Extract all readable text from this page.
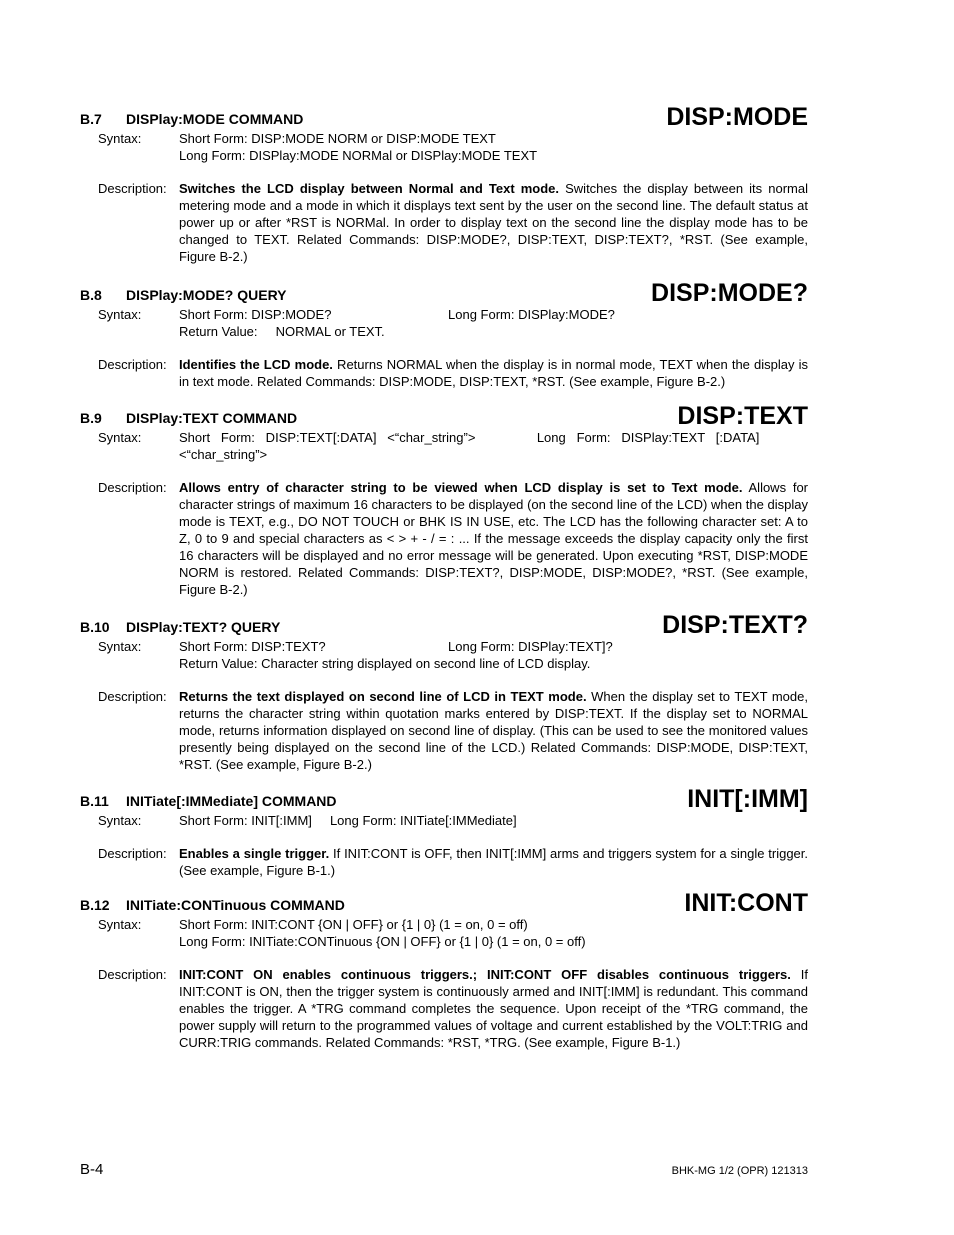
B.7 DISPlay:MODE COMMAND	DISP:MODE
Syntax:	Short Form: DISP:MODE NORM or DISP:MODE TEXT
Long Form: DISPlay:MODE NORMal or DISPlay:MODE TEXT
Description: Switches the LCD display between Normal and Text mode. Switches the display between its normal metering mode and a mode in which it displays text sent by the user on the second line. The default status at power up or after *RST is NORMal. In order to display text on the second line the display mode has to be changed to TEXT. Related Commands: DISP:MODE?, DISP:TEXT, DISP:TEXT?, *RST. (See example, Figure B-2.)
B.8 DISPlay:MODE? QUERY	DISP:MODE?
Syntax:	Short Form: DISP:MODE?	Long Form: DISPlay:MODE?
Return Value:     NORMAL or TEXT.
Description: Identifies the LCD mode. Returns NORMAL when the display is in normal mode, TEXT when the display is in text mode. Related Commands: DISP:MODE, DISP:TEXT, *RST. (See example, Figure B-2.)
B.9 DISPlay:TEXT COMMAND	DISP:TEXT
Syntax:	Short   Form:   DISP:TEXT[:DATA]   <“char_string”>                 Long   Form:   DISPlay:TEXT   [:DATA]
<“char_string”>
Description: Allows entry of character string to be viewed when LCD display is set to Text mode. Allows for character strings of maximum 16 characters to be displayed (on the second line of the LCD) when the display mode is TEXT, e.g., DO NOT TOUCH or BHK IS IN USE, etc. The LCD has the following character set: A to Z, 0 to 9 and special characters as < > + - / = : ... If the message exceeds the display capacity only the first 16 characters will be displayed and no error message will be generated. Upon executing *RST, DISP:MODE NORM is restored. Related Commands: DISP:TEXT?, DISP:MODE, DISP:MODE?, *RST. (See example, Figure B-2.)
B.10 DISPlay:TEXT? QUERY	DISP:TEXT?
Syntax:	Short Form: DISP:TEXT?	Long Form: DISPlay:TEXT]?
Return Value: Character string displayed on second line of LCD display.
Description: Returns the text displayed on second line of LCD in TEXT mode. When the display set to TEXT mode, returns the character string within quotation marks entered by DISP:TEXT. If the display set to NORMAL mode, returns information displayed on second line of display. (This can be used to see the monitored values presently being displayed on the second line of the LCD.) Related Commands: DISP:MODE, DISP:TEXT, *RST. (See example, Figure B-2.)
B.11 INITiate[:IMMediate] COMMAND	INIT[:IMM]
Syntax:	Short Form: INIT[:IMM]     Long Form: INITiate[:IMMediate]
Description: Enables a single trigger. If INIT:CONT is OFF, then INIT[:IMM] arms and triggers system for a single trigger. (See example, Figure B-1.)
B.12 INITiate:CONTinuous COMMAND	INIT:CONT
Syntax:	Short Form: INIT:CONT {ON | OFF} or {1 | 0} (1 = on, 0 = off)
Long Form: INITiate:CONTinuous {ON | OFF} or {1 | 0} (1 = on, 0 = off)
Description: INIT:CONT ON enables continuous triggers.; INIT:CONT OFF disables continuous triggers. If INIT:CONT is ON, then the trigger system is continuously armed and INIT[:IMM] is redundant. This command enables the trigger. A *TRG command completes the sequence. Upon receipt of the *TRG command, the power supply will return to the programmed values of voltage and current established by the VOLT:TRIG and CURR:TRIG commands. Related Commands: *RST, *TRG. (See example, Figure B-1.)
B-4	BHK-MG 1/2 (OPR) 121313
